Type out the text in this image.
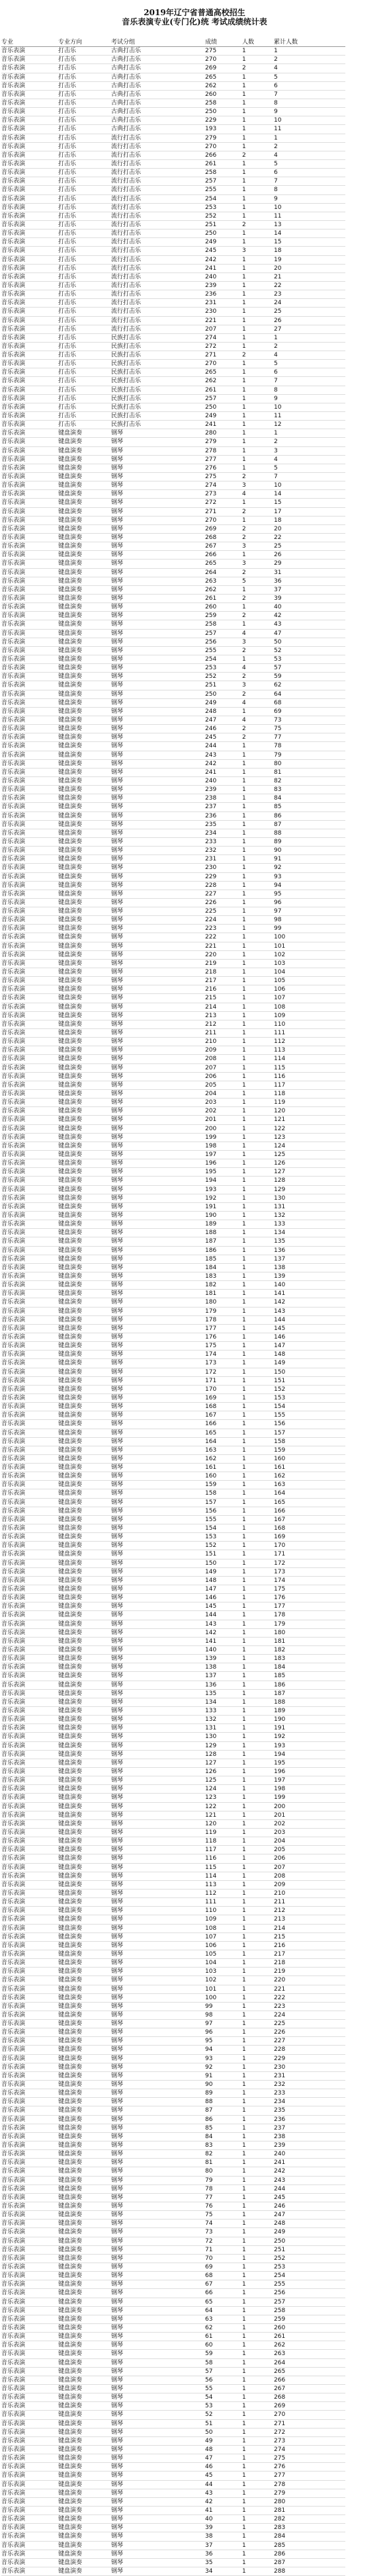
2019年辽宁省普通高校招生
音乐表演专业(专门化)统 考试成绩统计表
专业	专业方向	考试分组	成绩	人数	累计人数
音乐表演	打击乐	古典打击乐	275	1	1
音乐表演	打击乐	古典打击乐	270	1	2
音乐表演	打击乐	古典打击乐	269	2	4
音乐表演	打击乐	古典打击乐	265	1	5
音乐表演	打击乐	古典打击乐	262	1	6
音乐表演	打击乐	古典打击乐	260	1	7
音乐表演	打击乐	古典打击乐	258	1	8
音乐表演	打击乐	古典打击乐	250	1	9
音乐表演	打击乐	古典打击乐	229	1	10
音乐表演	打击乐	古典打击乐	193	1	11
音乐表演	打击乐	流行打击乐	279	1	1
音乐表演	打击乐	流行打击乐	270	1	2
音乐表演	打击乐	流行打击乐	266	2	4
音乐表演	打击乐	流行打击乐	261	1	5
音乐表演	打击乐	流行打击乐	258	1	6
音乐表演	打击乐	流行打击乐	257	1	7
音乐表演	打击乐	流行打击乐	255	1	8
音乐表演	打击乐	流行打击乐	254	1	9
音乐表演	打击乐	流行打击乐	253	1	10
音乐表演	打击乐	流行打击乐	252	1	11
音乐表演	打击乐	流行打击乐	251	2	13
音乐表演	打击乐	流行打击乐	250	1	14
音乐表演	打击乐	流行打击乐	249	1	15
音乐表演	打击乐	流行打击乐	245	3	18
音乐表演	打击乐	流行打击乐	242	1	19
音乐表演	打击乐	流行打击乐	241	1	20
音乐表演	打击乐	流行打击乐	240	1	21
音乐表演	打击乐	流行打击乐	239	1	22
音乐表演	打击乐	流行打击乐	236	1	23
音乐表演	打击乐	流行打击乐	231	1	24
音乐表演	打击乐	流行打击乐	230	1	25
音乐表演	打击乐	流行打击乐	221	1	26
音乐表演	打击乐	流行打击乐	207	1	27
音乐表演	打击乐	民族打击乐	274	1	1
音乐表演	打击乐	民族打击乐	272	1	2
音乐表演	打击乐	民族打击乐	271	2	4
音乐表演	打击乐	民族打击乐	270	1	5
音乐表演	打击乐	民族打击乐	265	1	6
音乐表演	打击乐	民族打击乐	262	1	7
音乐表演	打击乐	民族打击乐	261	1	8
音乐表演	打击乐	民族打击乐	257	1	9
音乐表演	打击乐	民族打击乐	250	1	10
音乐表演	打击乐	民族打击乐	249	1	11
音乐表演	打击乐	民族打击乐	241	1	12
音乐表演	键盘演奏	钢琴	280	1	1
音乐表演	键盘演奏	钢琴	279	1	2
音乐表演	键盘演奏	钢琴	278	1	3
音乐表演	键盘演奏	钢琴	277	1	4
音乐表演	键盘演奏	钢琴	276	1	5
音乐表演	键盘演奏	钢琴	275	2	7
音乐表演	键盘演奏	钢琴	274	3	10
音乐表演	键盘演奏	钢琴	273	4	14
音乐表演	键盘演奏	钢琴	272	1	15
音乐表演	键盘演奏	钢琴	271	2	17
音乐表演	键盘演奏	钢琴	270	1	18
音乐表演	键盘演奏	钢琴	269	2	20
音乐表演	键盘演奏	钢琴	268	2	22
音乐表演	键盘演奏	钢琴	267	3	25
音乐表演	键盘演奏	钢琴	266	1	26
音乐表演	键盘演奏	钢琴	265	3	29
音乐表演	键盘演奏	钢琴	264	2	31
音乐表演	键盘演奏	钢琴	263	5	36
音乐表演	键盘演奏	钢琴	262	1	37
音乐表演	键盘演奏	钢琴	261	2	39
音乐表演	键盘演奏	钢琴	260	1	40
音乐表演	键盘演奏	钢琴	259	2	42
音乐表演	键盘演奏	钢琴	258	1	43
音乐表演	键盘演奏	钢琴	257	4	47
音乐表演	键盘演奏	钢琴	256	3	50
音乐表演	键盘演奏	钢琴	255	2	52
音乐表演	键盘演奏	钢琴	254	1	53
音乐表演	键盘演奏	钢琴	253	4	57
音乐表演	键盘演奏	钢琴	252	2	59
音乐表演	键盘演奏	钢琴	251	3	62
音乐表演	键盘演奏	钢琴	250	2	64
音乐表演	键盘演奏	钢琴	249	4	68
音乐表演	键盘演奏	钢琴	248	1	69
音乐表演	键盘演奏	钢琴	247	4	73
音乐表演	键盘演奏	钢琴	246	2	75
音乐表演	键盘演奏	钢琴	245	2	77
音乐表演	键盘演奏	钢琴	244	1	78
音乐表演	键盘演奏	钢琴	243	1	79
音乐表演	键盘演奏	钢琴	242	1	80
音乐表演	键盘演奏	钢琴	241	1	81
音乐表演	键盘演奏	钢琴	240	1	82
音乐表演	键盘演奏	钢琴	239	1	83
音乐表演	键盘演奏	钢琴	238	1	84
音乐表演	键盘演奏	钢琴	237	1	85
音乐表演	键盘演奏	钢琴	236	1	86
音乐表演	键盘演奏	钢琴	235	1	87
音乐表演	键盘演奏	钢琴	234	1	88
音乐表演	键盘演奏	钢琴	233	1	89
音乐表演	键盘演奏	钢琴	232	1	90
音乐表演	键盘演奏	钢琴	231	1	91
音乐表演	键盘演奏	钢琴	230	1	92
音乐表演	键盘演奏	钢琴	229	1	93
音乐表演	键盘演奏	钢琴	228	1	94
音乐表演	键盘演奏	钢琴	227	1	95
音乐表演	键盘演奏	钢琴	226	1	96
音乐表演	键盘演奏	钢琴	225	1	97
音乐表演	键盘演奏	钢琴	224	1	98
音乐表演	键盘演奏	钢琴	223	1	99
音乐表演	键盘演奏	钢琴	222	1	100
音乐表演	键盘演奏	钢琴	221	1	101
音乐表演	键盘演奏	钢琴	220	1	102
音乐表演	键盘演奏	钢琴	219	1	103
音乐表演	键盘演奏	钢琴	218	1	104
音乐表演	键盘演奏	钢琴	217	1	105
音乐表演	键盘演奏	钢琴	216	1	106
音乐表演	键盘演奏	钢琴	215	1	107
音乐表演	键盘演奏	钢琴	214	1	108
音乐表演	键盘演奏	钢琴	213	1	109
音乐表演	键盘演奏	钢琴	212	1	110
音乐表演	键盘演奏	钢琴	211	1	111
音乐表演	键盘演奏	钢琴	210	1	112
音乐表演	键盘演奏	钢琴	209	1	113
音乐表演	键盘演奏	钢琴	208	1	114
音乐表演	键盘演奏	钢琴	207	1	115
音乐表演	键盘演奏	钢琴	206	1	116
音乐表演	键盘演奏	钢琴	205	1	117
音乐表演	键盘演奏	钢琴	204	1	118
音乐表演	键盘演奏	钢琴	203	1	119
音乐表演	键盘演奏	钢琴	202	1	120
音乐表演	键盘演奏	钢琴	201	1	121
音乐表演	键盘演奏	钢琴	200	1	122
音乐表演	键盘演奏	钢琴	199	1	123
音乐表演	键盘演奏	钢琴	198	1	124
音乐表演	键盘演奏	钢琴	197	1	125
音乐表演	键盘演奏	钢琴	196	1	126
音乐表演	键盘演奏	钢琴	195	1	127
音乐表演	键盘演奏	钢琴	194	1	128
音乐表演	键盘演奏	钢琴	193	1	129
音乐表演	键盘演奏	钢琴	192	1	130
音乐表演	键盘演奏	钢琴	191	1	131
音乐表演	键盘演奏	钢琴	190	1	132
音乐表演	键盘演奏	钢琴	189	1	133
音乐表演	键盘演奏	钢琴	188	1	134
音乐表演	键盘演奏	钢琴	187	1	135
音乐表演	键盘演奏	钢琴	186	1	136
音乐表演	键盘演奏	钢琴	185	1	137
音乐表演	键盘演奏	钢琴	184	1	138
音乐表演	键盘演奏	钢琴	183	1	139
音乐表演	键盘演奏	钢琴	182	1	140
音乐表演	键盘演奏	钢琴	181	1	141
音乐表演	键盘演奏	钢琴	180	1	142
音乐表演	键盘演奏	钢琴	179	1	143
音乐表演	键盘演奏	钢琴	178	1	144
音乐表演	键盘演奏	钢琴	177	1	145
音乐表演	键盘演奏	钢琴	176	1	146
音乐表演	键盘演奏	钢琴	175	1	147
音乐表演	键盘演奏	钢琴	174	1	148
音乐表演	键盘演奏	钢琴	173	1	149
音乐表演	键盘演奏	钢琴	172	1	150
音乐表演	键盘演奏	钢琴	171	1	151
音乐表演	键盘演奏	钢琴	170	1	152
音乐表演	键盘演奏	钢琴	169	1	153
音乐表演	键盘演奏	钢琴	168	1	154
音乐表演	键盘演奏	钢琴	167	1	155
音乐表演	键盘演奏	钢琴	166	1	156
音乐表演	键盘演奏	钢琴	165	1	157
音乐表演	键盘演奏	钢琴	164	1	158
音乐表演	键盘演奏	钢琴	163	1	159
音乐表演	键盘演奏	钢琴	162	1	160
音乐表演	键盘演奏	钢琴	161	1	161
音乐表演	键盘演奏	钢琴	160	1	162
音乐表演	键盘演奏	钢琴	159	1	163
音乐表演	键盘演奏	钢琴	158	1	164
音乐表演	键盘演奏	钢琴	157	1	165
音乐表演	键盘演奏	钢琴	156	1	166
音乐表演	键盘演奏	钢琴	155	1	167
音乐表演	键盘演奏	钢琴	154	1	168
音乐表演	键盘演奏	钢琴	153	1	169
音乐表演	键盘演奏	钢琴	152	1	170
音乐表演	键盘演奏	钢琴	151	1	171
音乐表演	键盘演奏	钢琴	150	1	172
音乐表演	键盘演奏	钢琴	149	1	173
音乐表演	键盘演奏	钢琴	148	1	174
音乐表演	键盘演奏	钢琴	147	1	175
音乐表演	键盘演奏	钢琴	146	1	176
音乐表演	键盘演奏	钢琴	145	1	177
音乐表演	键盘演奏	钢琴	144	1	178
音乐表演	键盘演奏	钢琴	143	1	179
音乐表演	键盘演奏	钢琴	142	1	180
音乐表演	键盘演奏	钢琴	141	1	181
音乐表演	键盘演奏	钢琴	140	1	182
音乐表演	键盘演奏	钢琴	139	1	183
音乐表演	键盘演奏	钢琴	138	1	184
音乐表演	键盘演奏	钢琴	137	1	185
音乐表演	键盘演奏	钢琴	136	1	186
音乐表演	键盘演奏	钢琴	135	1	187
音乐表演	键盘演奏	钢琴	134	1	188
音乐表演	键盘演奏	钢琴	133	1	189
音乐表演	键盘演奏	钢琴	132	1	190
音乐表演	键盘演奏	钢琴	131	1	191
音乐表演	键盘演奏	钢琴	130	1	192
音乐表演	键盘演奏	钢琴	129	1	193
音乐表演	键盘演奏	钢琴	128	1	194
音乐表演	键盘演奏	钢琴	127	1	195
音乐表演	键盘演奏	钢琴	126	1	196
音乐表演	键盘演奏	钢琴	125	1	197
音乐表演	键盘演奏	钢琴	124	1	198
音乐表演	键盘演奏	钢琴	123	1	199
音乐表演	键盘演奏	钢琴	122	1	200
音乐表演	键盘演奏	钢琴	121	1	201
音乐表演	键盘演奏	钢琴	120	1	202
音乐表演	键盘演奏	钢琴	119	1	203
音乐表演	键盘演奏	钢琴	118	1	204
音乐表演	键盘演奏	钢琴	117	1	205
音乐表演	键盘演奏	钢琴	116	1	206
音乐表演	键盘演奏	钢琴	115	1	207
音乐表演	键盘演奏	钢琴	114	1	208
音乐表演	键盘演奏	钢琴	113	1	209
音乐表演	键盘演奏	钢琴	112	1	210
音乐表演	键盘演奏	钢琴	111	1	211
音乐表演	键盘演奏	钢琴	110	1	212
音乐表演	键盘演奏	钢琴	109	1	213
音乐表演	键盘演奏	钢琴	108	1	214
音乐表演	键盘演奏	钢琴	107	1	215
音乐表演	键盘演奏	钢琴	106	1	216
音乐表演	键盘演奏	钢琴	105	1	217
音乐表演	键盘演奏	钢琴	104	1	218
音乐表演	键盘演奏	钢琴	103	1	219
音乐表演	键盘演奏	钢琴	102	1	220
音乐表演	键盘演奏	钢琴	101	1	221
音乐表演	键盘演奏	钢琴	100	1	222
音乐表演	键盘演奏	钢琴	99	1	223
音乐表演	键盘演奏	钢琴	98	1	224
音乐表演	键盘演奏	钢琴	97	1	225
音乐表演	键盘演奏	钢琴	96	1	226
音乐表演	键盘演奏	钢琴	95	1	227
音乐表演	键盘演奏	钢琴	94	1	228
音乐表演	键盘演奏	钢琴	93	1	229
音乐表演	键盘演奏	钢琴	92	1	230
音乐表演	键盘演奏	钢琴	91	1	231
音乐表演	键盘演奏	钢琴	90	1	232
音乐表演	键盘演奏	钢琴	89	1	233
音乐表演	键盘演奏	钢琴	88	1	234
音乐表演	键盘演奏	钢琴	87	1	235
音乐表演	键盘演奏	钢琴	86	1	236
音乐表演	键盘演奏	钢琴	85	1	237
音乐表演	键盘演奏	钢琴	84	1	238
音乐表演	键盘演奏	钢琴	83	1	239
音乐表演	键盘演奏	钢琴	82	1	240
音乐表演	键盘演奏	钢琴	81	1	241
音乐表演	键盘演奏	钢琴	80	1	242
音乐表演	键盘演奏	钢琴	79	1	243
音乐表演	键盘演奏	钢琴	78	1	244
音乐表演	键盘演奏	钢琴	77	1	245
音乐表演	键盘演奏	钢琴	76	1	246
音乐表演	键盘演奏	钢琴	75	1	247
音乐表演	键盘演奏	钢琴	74	1	248
音乐表演	键盘演奏	钢琴	73	1	249
音乐表演	键盘演奏	钢琴	72	1	250
音乐表演	键盘演奏	钢琴	71	1	251
音乐表演	键盘演奏	钢琴	70	1	252
音乐表演	键盘演奏	钢琴	69	1	253
音乐表演	键盘演奏	钢琴	68	1	254
音乐表演	键盘演奏	钢琴	67	1	255
音乐表演	键盘演奏	钢琴	66	1	256
音乐表演	键盘演奏	钢琴	65	1	257
音乐表演	键盘演奏	钢琴	64	1	258
音乐表演	键盘演奏	钢琴	63	1	259
音乐表演	键盘演奏	钢琴	62	1	260
音乐表演	键盘演奏	钢琴	61	1	261
音乐表演	键盘演奏	钢琴	60	1	262
音乐表演	键盘演奏	钢琴	59	1	263
音乐表演	键盘演奏	钢琴	58	1	264
音乐表演	键盘演奏	钢琴	57	1	265
音乐表演	键盘演奏	钢琴	56	1	266
音乐表演	键盘演奏	钢琴	55	1	267
音乐表演	键盘演奏	钢琴	54	1	268
音乐表演	键盘演奏	钢琴	53	1	269
音乐表演	键盘演奏	钢琴	52	1	270
音乐表演	键盘演奏	钢琴	51	1	271
音乐表演	键盘演奏	钢琴	50	1	272
音乐表演	键盘演奏	钢琴	49	1	273
音乐表演	键盘演奏	钢琴	48	1	274
音乐表演	键盘演奏	钢琴	47	1	275
音乐表演	键盘演奏	钢琴	46	1	276
音乐表演	键盘演奏	钢琴	45	1	277
音乐表演	键盘演奏	钢琴	44	1	278
音乐表演	键盘演奏	钢琴	43	1	279
音乐表演	键盘演奏	钢琴	42	1	280
音乐表演	键盘演奏	钢琴	41	1	281
音乐表演	键盘演奏	钢琴	40	1	282
音乐表演	键盘演奏	钢琴	39	1	283
音乐表演	键盘演奏	钢琴	38	1	284
音乐表演	键盘演奏	钢琴	37	1	285
音乐表演	键盘演奏	钢琴	36	1	286
音乐表演	键盘演奏	钢琴	35	1	287
音乐表演	键盘演奏	钢琴	34	1	288
